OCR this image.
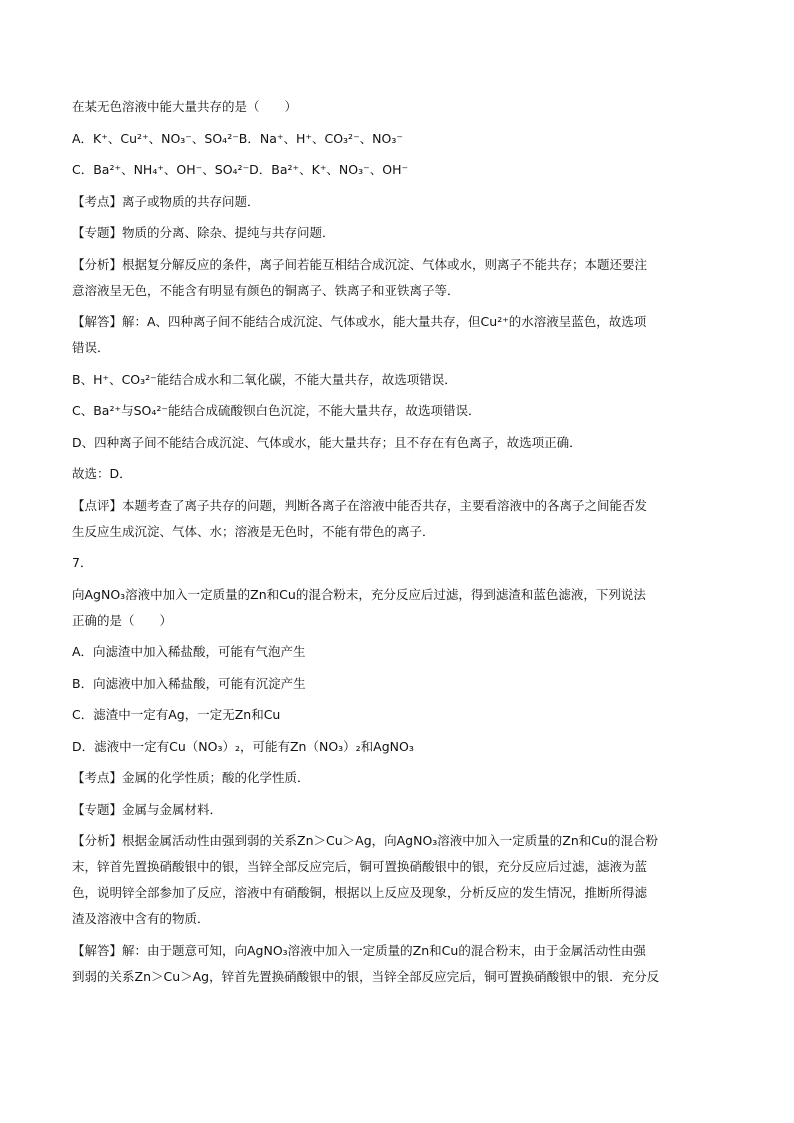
在某无色溶液中能大量共存的是（　　）
A．K⁺、Cu²⁺、NO₃⁻、SO₄²⁻B．Na⁺、H⁺、CO₃²⁻、NO₃⁻
C．Ba²⁺、NH₄⁺、OH⁻、SO₄²⁻D．Ba²⁺、K⁺、NO₃⁻、OH⁻
【考点】离子或物质的共存问题．
【专题】物质的分离、除杂、提纯与共存问题．
【分析】根据复分解反应的条件，离子间若能互相结合成沉淀、气体或水，则离子不能共存；本题还要注
意溶液呈无色，不能含有明显有颜色的铜离子、铁离子和亚铁离子等．
【解答】解：A、四种离子间不能结合成沉淀、气体或水，能大量共存，但Cu²⁺的水溶液呈蓝色，故选项
错误．
B、H⁺、CO₃²⁻能结合成水和二氧化碳，不能大量共存，故选项错误．
C、Ba²⁺与SO₄²⁻能结合成硫酸钡白色沉淀，不能大量共存，故选项错误．
D、四种离子间不能结合成沉淀、气体或水，能大量共存；且不存在有色离子，故选项正确．
故选：D．
【点评】本题考查了离子共存的问题，判断各离子在溶液中能否共存，主要看溶液中的各离子之间能否发
生反应生成沉淀、气体、水；溶液是无色时，不能有带色的离子．
7．
向AgNO₃溶液中加入一定质量的Zn和Cu的混合粉末，充分反应后过滤，得到滤渣和蓝色滤液，下列说法
正确的是（　　）
A．向滤渣中加入稀盐酸，可能有气泡产生
B．向滤液中加入稀盐酸，可能有沉淀产生
C．滤渣中一定有Ag，一定无Zn和Cu
D．滤液中一定有Cu（NO₃）₂，可能有Zn（NO₃）₂和AgNO₃
【考点】金属的化学性质；酸的化学性质．
【专题】金属与金属材料．
【分析】根据金属活动性由强到弱的关系Zn＞Cu＞Ag，向AgNO₃溶液中加入一定质量的Zn和Cu的混合粉
末，锌首先置换硝酸银中的银，当锌全部反应完后，铜可置换硝酸银中的银，充分反应后过滤，滤液为蓝
色，说明锌全部参加了反应，溶液中有硝酸铜，根据以上反应及现象，分析反应的发生情况，推断所得滤
渣及溶液中含有的物质．
【解答】解：由于题意可知，向AgNO₃溶液中加入一定质量的Zn和Cu的混合粉末，由于金属活动性由强
到弱的关系Zn＞Cu＞Ag，锌首先置换硝酸银中的银，当锌全部反应完后，铜可置换硝酸银中的银．充分反
